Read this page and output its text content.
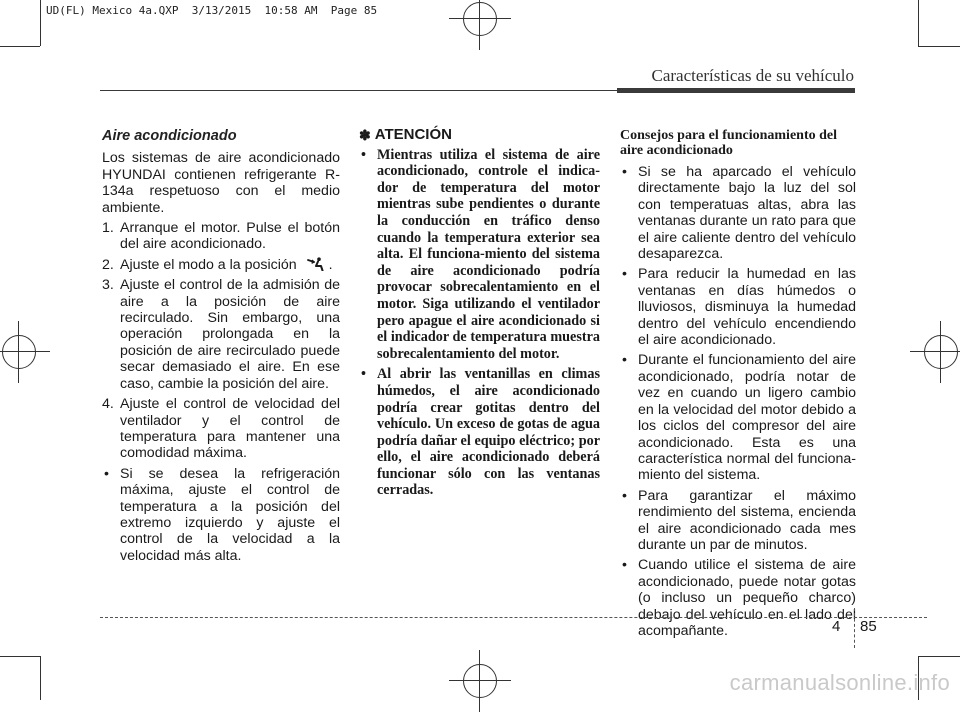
UD(FL) Mexico 4a.QXP  3/13/2015  10:58 AM  Page 85
Características de su vehículo
Aire acondicionado

Los sistemas de aire acondicionado HYUNDAI contienen refrigerante R-134a respetuoso con el medio ambiente.

1. Arranque el motor. Pulse el botón del aire acondicionado.
2. Ajuste el modo a la posición .
3. Ajuste el control de la admisión de aire a la posición de aire recirculado. Sin embargo, una operación prolongada en la posición de aire recirculado puede secar demasiado el aire. En ese caso, cambie la posición del aire.
4. Ajuste el control de velocidad del ventilador y el control de temperatura para mantener una comodidad máxima.
• Si se desea la refrigeración máxima, ajuste el control de temperatura a la posición del extremo izquierdo y ajuste el control de la velocidad a la velocidad más alta.
✽ ATENCIÓN
• Mientras utiliza el sistema de aire acondicionado, controle el indica-dor de temperatura del motor mientras sube pendientes o durante la conducción en tráfico denso cuando la temperatura exterior sea alta. El funciona-miento del sistema de aire acondicionado podría provocar sobrecalentamiento en el motor. Siga utilizando el ventilador pero apague el aire acondicionado si el indicador de temperatura muestra sobrecalentamiento del motor.
• Al abrir las ventanillas en climas húmedos, el aire acondicionado podría crear gotitas dentro del vehículo. Un exceso de gotas de agua podría dañar el equipo eléctrico; por ello, el aire acondicionado deberá funcionar sólo con las ventanas cerradas.
Consejos para el funcionamiento del aire acondicionado
• Si se ha aparcado el vehículo directamente bajo la luz del sol con temperatuas altas, abra las ventanas durante un rato para que el aire caliente dentro del vehículo desaparezca.
• Para reducir la humedad en las ventanas en días húmedos o lluviosos, disminuya la humedad dentro del vehículo encendiendo el aire acondicionado.
• Durante el funcionamiento del aire acondicionado, podría notar de vez en cuando un ligero cambio en la velocidad del motor debido a los ciclos del compresor del aire acondicionado. Esta es una característica normal del funciona-miento del sistema.
• Para garantizar el máximo rendimiento del sistema, encienda el aire acondicionado cada mes durante un par de minutos.
• Cuando utilice el sistema de aire acondicionado, puede notar gotas (o incluso un pequeño charco) debajo del vehículo en el lado del acompañante.	4 85
carmanualsonline.info
